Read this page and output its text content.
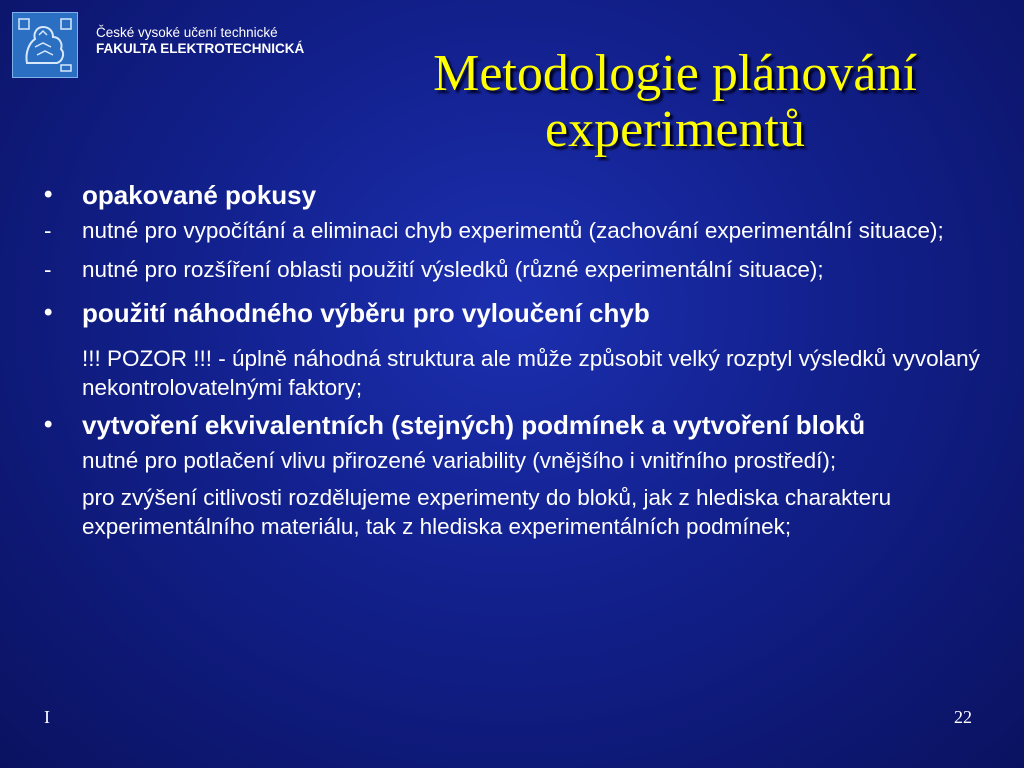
České vysoké učení technické
FAKULTA ELEKTROTECHNICKÁ	Metodologie plánování
experimentů
•	opakované pokusy
-	nutné pro vypočítání a eliminaci chyb experimentů (zachování experimentální situace);
-	nutné pro rozšíření oblasti použití výsledků (různé experimentální situace);
•	použití náhodného výběru pro vyloučení chyb
!!! POZOR !!! - úplně náhodná struktura ale může způsobit velký rozptyl výsledků vyvolaný nekontrolovatelnými faktory;
•	vytvoření ekvivalentních (stejných) podmínek a vytvoření bloků
nutné pro potlačení vlivu přirozené variability (vnějšího i vnitřního prostředí);
pro zvýšení citlivosti rozdělujeme experimenty do bloků, jak z hlediska charakteru experimentálního materiálu, tak z hlediska experimentálních podmínek;
I	22
